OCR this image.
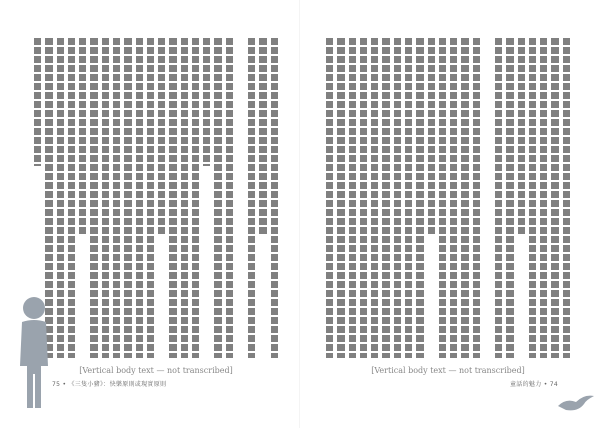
[Vertical body text — not transcribed]
75 • 《三隻小豬》：快樂原則或現實原則
[Vertical body text — not transcribed]
童話的魅力 • 74
